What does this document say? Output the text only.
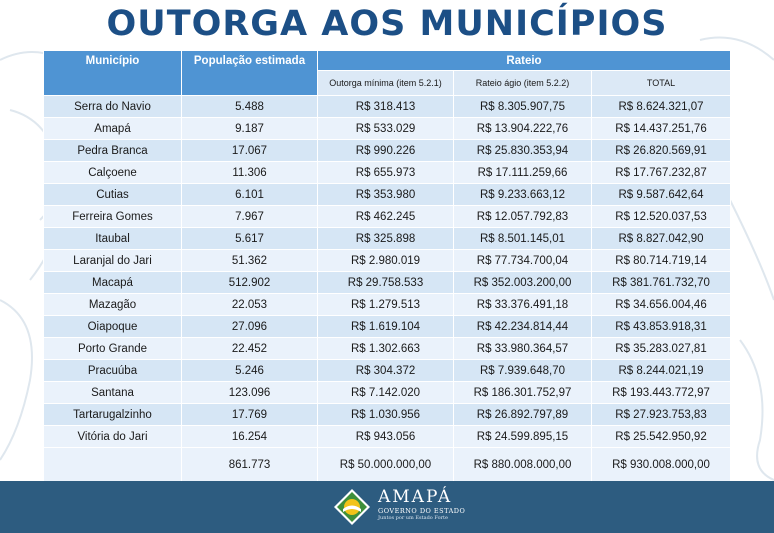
OUTORGA AOS MUNICÍPIOS
Município	População estimada	Rateio		
		Outorga mínima (item 5.2.1)	Rateio ágio (item 5.2.2)	TOTAL
Serra do Navio	5.488	R$ 318.413	R$ 8.305.907,75	R$ 8.624.321,07
Amapá	9.187	R$ 533.029	R$ 13.904.222,76	R$ 14.437.251,76
Pedra Branca	17.067	R$ 990.226	R$ 25.830.353,94	R$ 26.820.569,91
Calçoene	11.306	R$ 655.973	R$ 17.111.259,66	R$ 17.767.232,87
Cutias	6.101	R$ 353.980	R$ 9.233.663,12	R$ 9.587.642,64
Ferreira Gomes	7.967	R$ 462.245	R$ 12.057.792,83	R$ 12.520.037,53
Itaubal	5.617	R$ 325.898	R$ 8.501.145,01	R$ 8.827.042,90
Laranjal do Jari	51.362	R$ 2.980.019	R$ 77.734.700,04	R$ 80.714.719,14
Macapá	512.902	R$ 29.758.533	R$ 352.003.200,00	R$ 381.761.732,70
Mazagão	22.053	R$ 1.279.513	R$ 33.376.491,18	R$ 34.656.004,46
Oiapoque	27.096	R$ 1.619.104	R$ 42.234.814,44	R$ 43.853.918,31
Porto Grande	22.452	R$ 1.302.663	R$ 33.980.364,57	R$ 35.283.027,81
Pracuúba	5.246	R$ 304.372	R$ 7.939.648,70	R$ 8.244.021,19
Santana	123.096	R$ 7.142.020	R$ 186.301.752,97	R$ 193.443.772,97
Tartarugalzinho	17.769	R$ 1.030.956	R$ 26.892.797,89	R$ 27.923.753,83
Vitória do Jari	16.254	R$ 943.056	R$ 24.599.895,15	R$ 25.542.950,92
	861.773	R$ 50.000.000,00	R$ 880.008.000,00	R$ 930.008.000,00
AMAPÁ
GOVERNO DO ESTADO
Juntos por um Estado Forte
